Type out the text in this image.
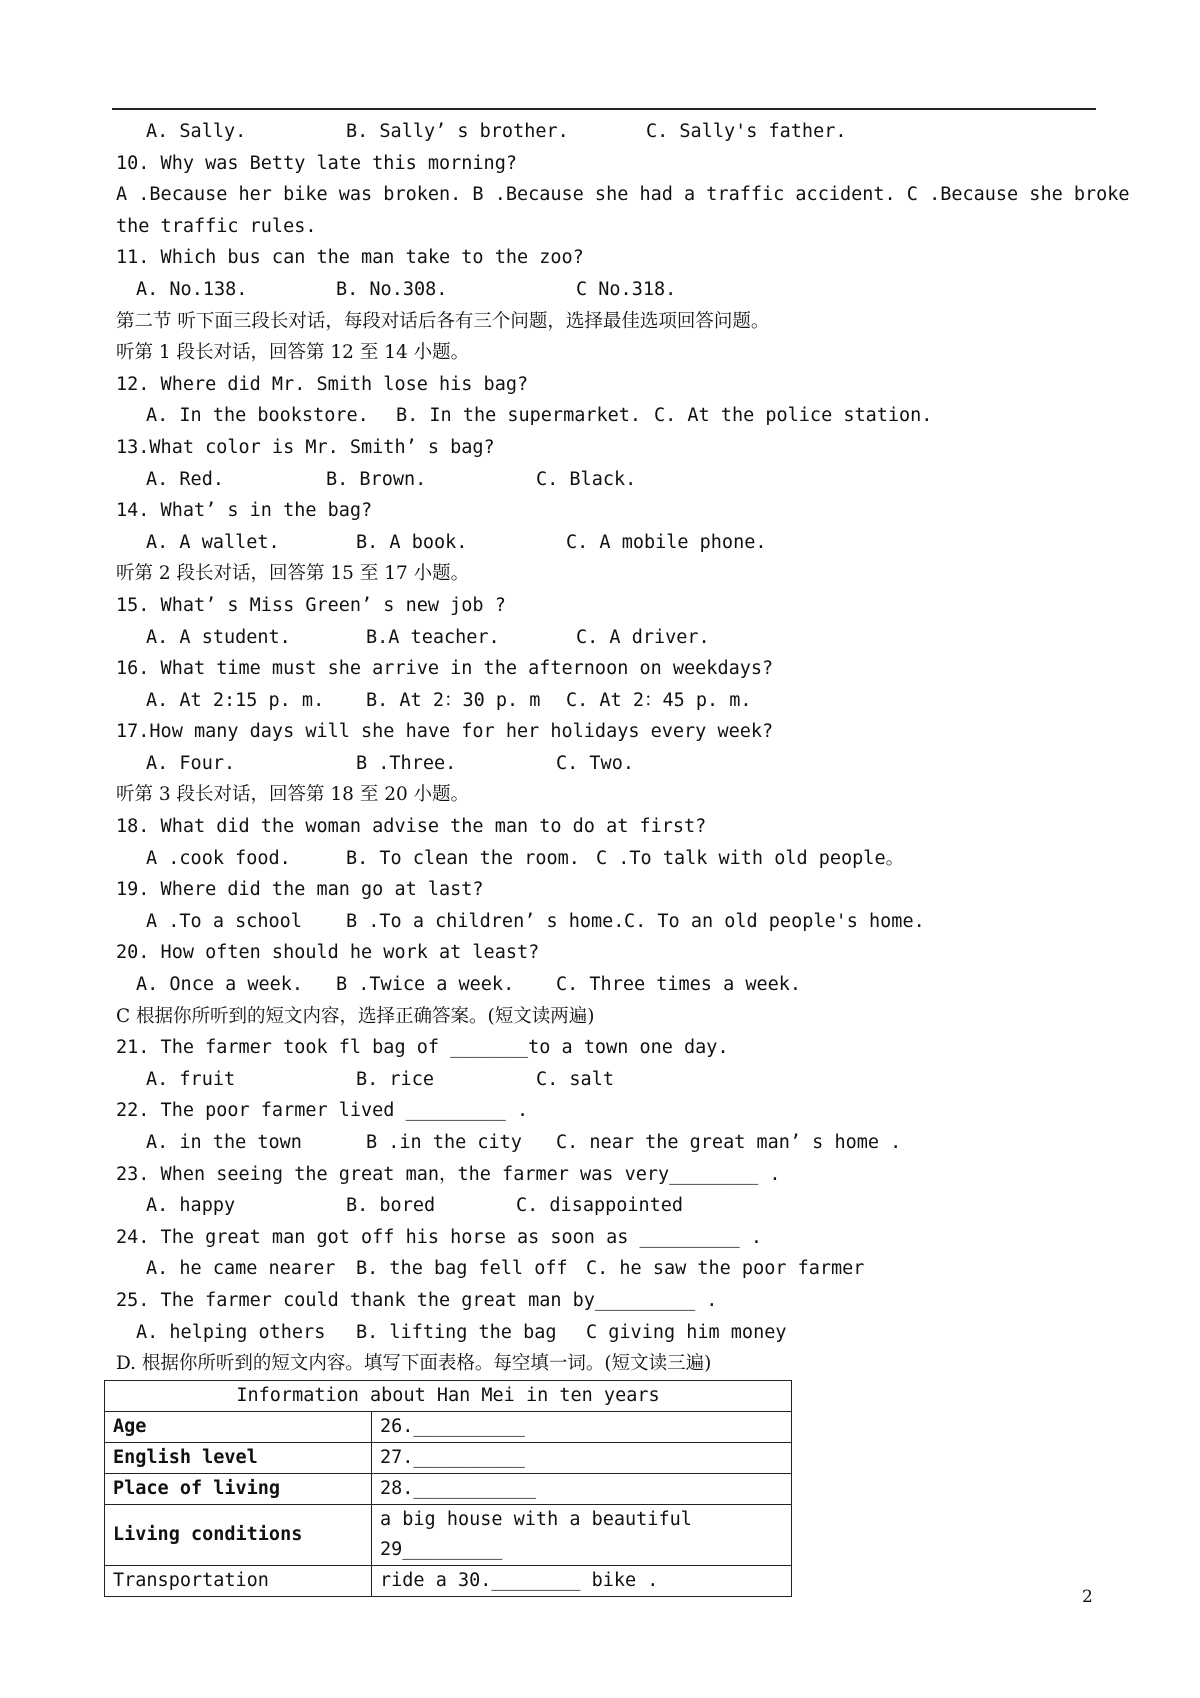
A. Sally.	B. Sally’ s brother.	C. Sally's father.
10. Why was Betty late this morning?
A .Because her bike was broken. B .Because she had a traffic accident. C .Because she broke
the traffic rules.
11. Which bus can the man take to the zoo?
A. No.138.	B. No.308.	C No.318.
第二节 听下面三段长对话，每段对话后各有三个问题，选择最佳选项回答问题。
听第 1 段长对话，回答第 12 至 14 小题。
12. Where did Mr. Smith lose his bag?
A. In the bookstore. B. In the supermarket. C. At the police station.
13.What color is Mr. Smith’ s bag?
A. Red.	B. Brown.	C. Black.
14. What’ s in the bag?
A. A wallet.	B. A book.	C. A mobile phone.
听第 2 段长对话，回答第 15 至 17 小题。
15. What’ s Miss Green’ s new job ?
A. A student.	B.A teacher.	C. A driver.
16. What time must she arrive in the afternoon on weekdays?
A. At 2:15 p. m. B. At 2：30 p. m C. At 2：45 p. m.
17.How many days will she have for her holidays every week?
A. Four.	B .Three.	C. Two.
听第 3 段长对话，回答第 18 至 20 小题。
18. What did the woman advise the man to do at first?
A .cook food.	B. To clean the room. C .To talk with old people。
19. Where did the man go at last?
A .To a school B .To a children’ s home. C. To an old people's home.
20. How often should he work at least?
A. Once a week. B .Twice a week. C. Three times a week.
C 根据你所听到的短文内容，选择正确答案。(短文读两遍)
21. The farmer took fl bag of _______to a town one day.
A. fruit	B. rice	C. salt
22. The poor farmer lived _________ .
A. in the town	B .in the city C. near the great man’ s home .
23. When seeing the great man，the farmer was very________ .
A. happy	B. bored	C. disappointed
24. The great man got off his horse as soon as _________ .
A. he came nearer B. the bag fell off C. he saw the poor farmer
25. The farmer could thank the great man by_________ .
A. helping others B. lifting the bag C giving him money
D. 根据你所听到的短文内容。填写下面表格。每空填一词。(短文读三遍)
Information about Han Mei in ten years	
Age	26.__________
English level	27.__________
Place of living	28.___________
Living conditions	a big house with a beautiful 29_________
Transportation	ride a 30.________ bike .
2
